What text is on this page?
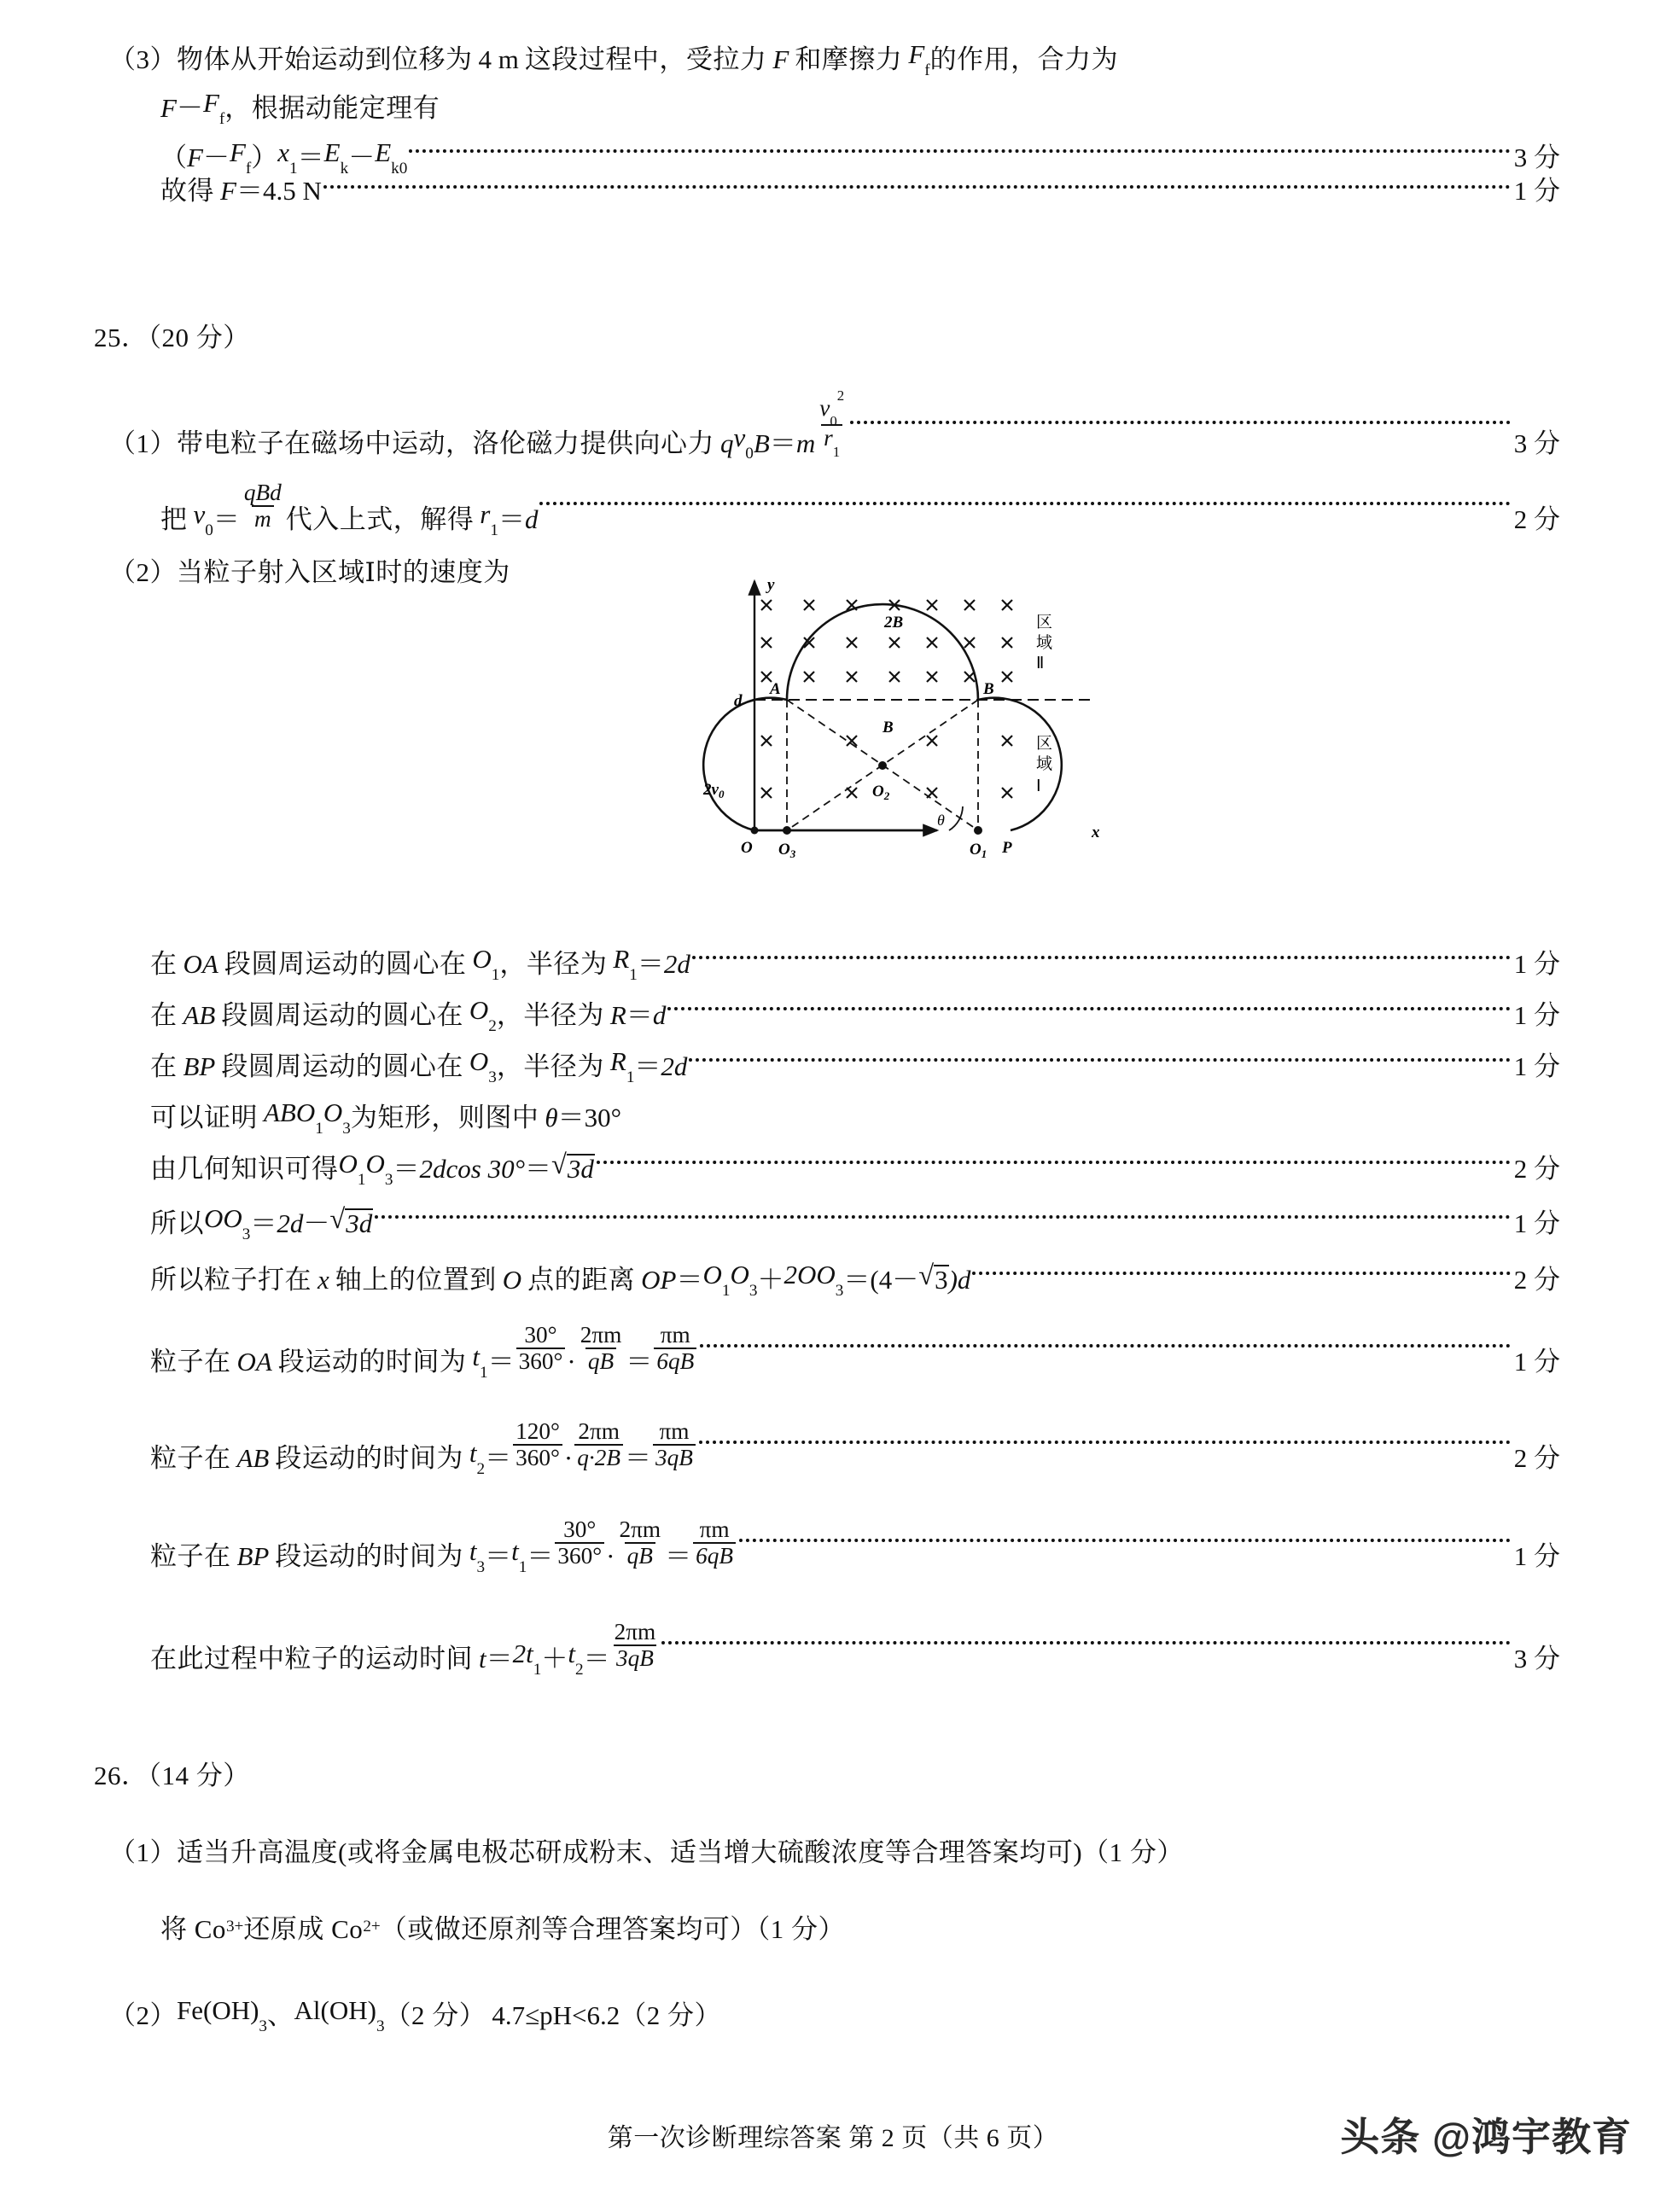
（3） 物体从开始运动到位移为 4 m 这段过程中，受拉力 F 和摩擦力 $F_f$ 的作用，合力为
$F - F_f$ ，根据动能定理有
（ $F - F_f$ ） $x_1 = E_k - E_{k0}$	3 分
故得 F ＝ 4.5 N	1 分
25．（20 分）
（1） 带电粒子在磁场中运动，洛伦磁力提供向心力 q $v_0$ B ＝ m $\frac{v_0^2}{r_1}$	3 分
把 $v_0 = \frac{\text{qBd}}{m}$ 代入上式，解得 $r_1 = d$	2 分
（2） 当粒子射入区域Ⅰ时的速度为	y
x
O $O_3$	$O_1$
$O_2$
P
d
$2v_0$
2B
B
A	B
θ
区
域
Ⅱ
区
域
Ⅰ
在 OA 段圆周运动的圆心在 $O_1$ ，半径为 $R_1 = 2d$	1 分
在 AB 段圆周运动的圆心在 $O_2$ ，半径为 R ＝ d	1 分
在 BP 段圆周运动的圆心在 $O_3$ ，半径为 $R_1 = 2d$	1 分
可以证明 $ABO_1O_3$ 为矩形，则图中 θ ＝ 30°
由几何知识可得 $O_1O_3 = 2dcos$ 30° ＝ √ 3d	2 分
所以 $OO_3 = 2d$ － √ 3d	1 分
所以粒子打在 x 轴上的位置到 O 点的距离 OP ＝ $O_1O_3 + 2OO_3 = (4-$ √ 3 )d	2 分
粒子在 OA 段运动的时间为 $t_1 = \frac{30^\circ}{360^\circ} \cdot \frac{2\pi m}{qB} = \frac{\pi m}{6qB}$	1 分
粒子在 AB 段运动的时间为 $t_2 = \frac{120^\circ}{360^\circ} \cdot \frac{2\pi m}{q\cdot 2B} = \frac{\pi m}{3qB}$	2 分
粒子在 BP 段运动的时间为 $t_3 = t_1 = \frac{30^\circ}{360^\circ} \cdot \frac{2\pi m}{qB} = \frac{\pi m}{6qB}$	1 分
在此过程中粒子的运动时间 $t = 2t_1 + t_2 = \frac{2\pi m}{3qB}$	3 分
26．（14 分）
（1） 适当升高温度(或将金属电极芯研成粉末、适当增大硫酸浓度等合理答案均可)（1 分）
将 Co 3+ 还原成 Co 2+ （或做还原剂等合理答案均可）（1 分）
（2） $Fe(OH)_3$ 、 $Al(OH)_3$ （2 分） 4.7≤pH<6.2 （2 分）
第一次诊断理综答案 第 2 页（共 6 页）	头条 @鸿宇教育
